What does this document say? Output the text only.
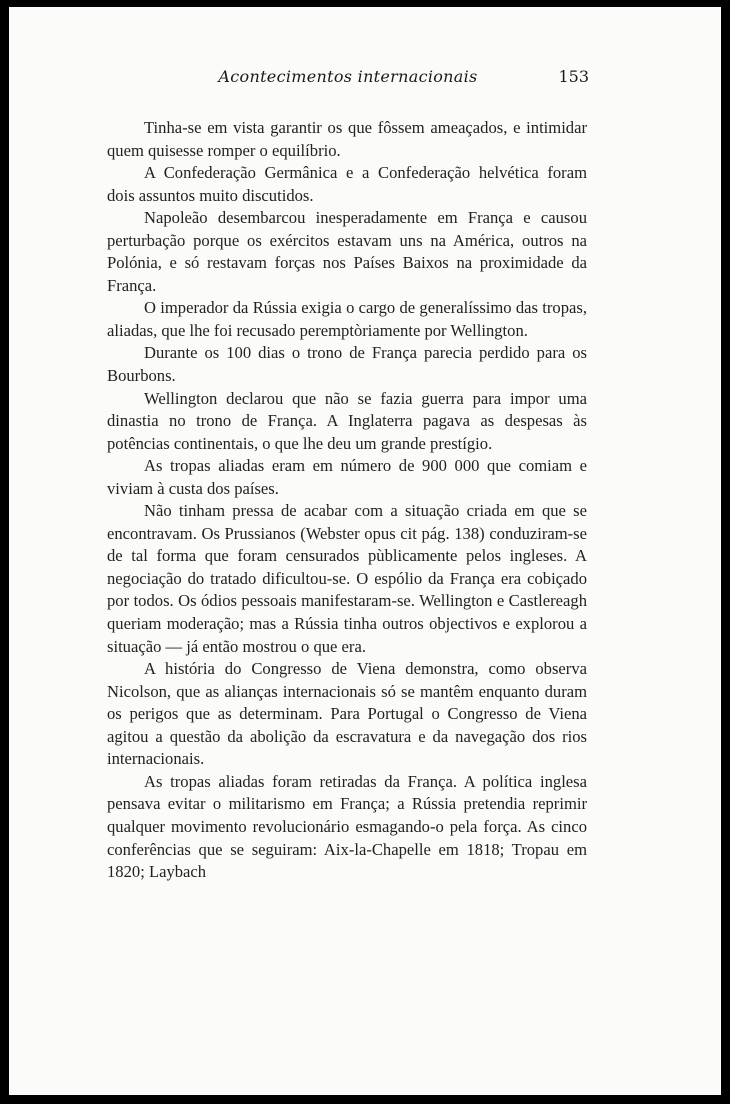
Acontecimentos internacionais	153

Tinha-se em vista garantir os que fôssem ameaçados, e intimidar quem quisesse romper o equilíbrio.

A Confederação Germânica e a Confederação helvética foram dois assuntos muito discutidos.

Napoleão desembarcou inesperadamente em França e causou perturbação porque os exércitos estavam uns na América, outros na Polónia, e só restavam forças nos Países Baixos na proximidade da França.

O imperador da Rússia exigia o cargo de generalíssimo das tropas, aliadas, que lhe foi recusado peremptòriamente por Wellington.

Durante os 100 dias o trono de França parecia perdido para os Bourbons.

Wellington declarou que não se fazia guerra para impor uma dinastia no trono de França. A Inglaterra pagava as despesas às potências continentais, o que lhe deu um grande prestígio.

As tropas aliadas eram em número de 900 000 que comiam e viviam à custa dos países.

Não tinham pressa de acabar com a situação criada em que se encontravam. Os Prussianos (Webster opus cit pág. 138) conduziram-se de tal forma que foram censurados pùblicamente pelos ingleses. A negociação do tratado dificultou-se. O espólio da França era cobiçado por todos. Os ódios pessoais manifestaram-se. Wellington e Castlereagh queriam moderação; mas a Rússia tinha outros objectivos e explorou a situação — já então mostrou o que era.

A história do Congresso de Viena demonstra, como observa Nicolson, que as alianças internacionais só se mantêm enquanto duram os perigos que as determinam. Para Portugal o Congresso de Viena agitou a questão da abolição da escravatura e da navegação dos rios internacionais.

As tropas aliadas foram retiradas da França. A política inglesa pensava evitar o militarismo em França; a Rússia pretendia reprimir qualquer movimento revolucionário esmagando-o pela força. As cinco conferências que se seguiram: Aix-la-Chapelle em 1818; Tropau em 1820; Laybach
